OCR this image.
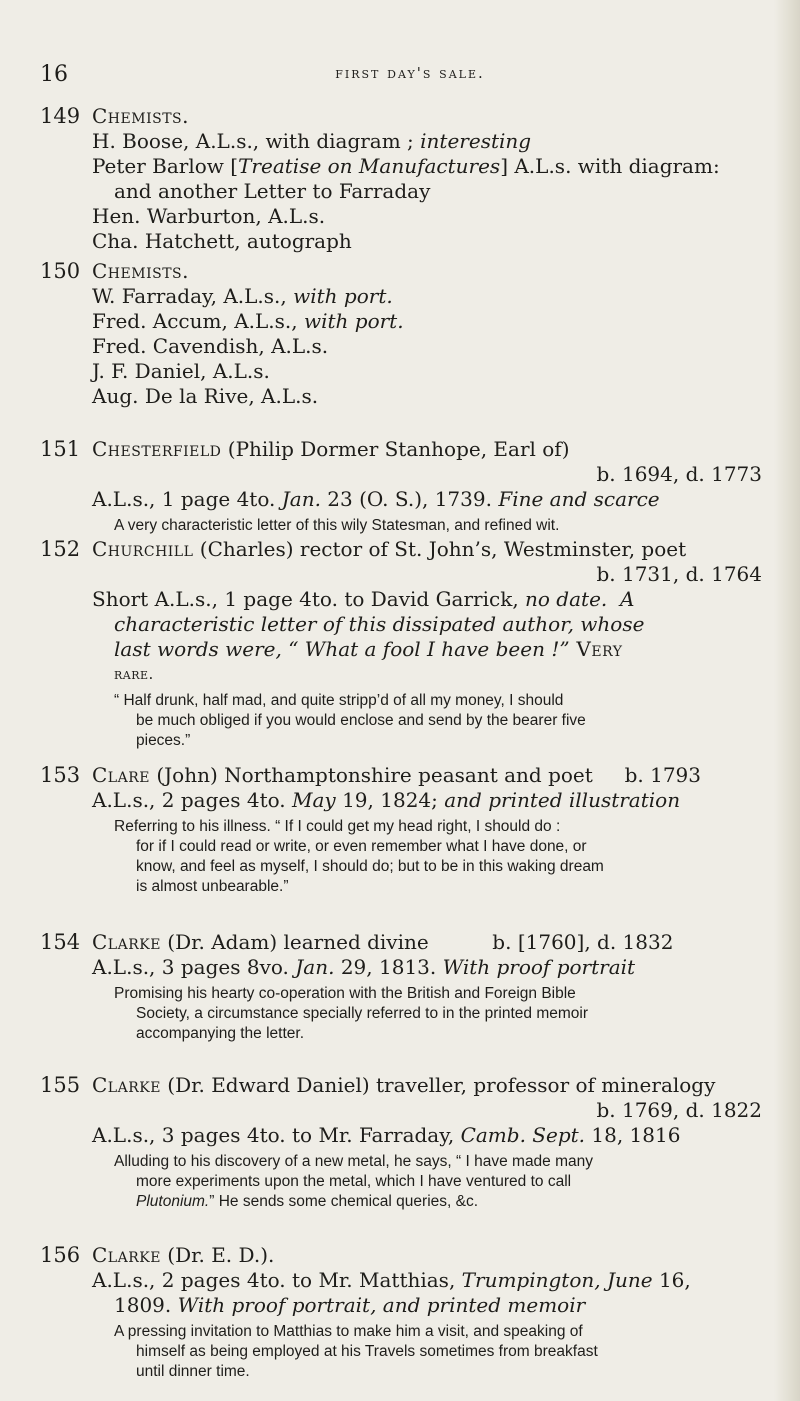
16	first day's sale.
149 Chemists.
H. Boose, A.L.s., with diagram ; interesting
Peter Barlow [Treatise on Manufactures] A.L.s. with diagram:
and another Letter to Farraday
Hen. Warburton, A.L.s.
Cha. Hatchett, autograph
150 Chemists.
W. Farraday, A.L.s., with port.
Fred. Accum, A.L.s., with port.
Fred. Cavendish, A.L.s.
J. F. Daniel, A.L.s.
Aug. De la Rive, A.L.s.
151 Chesterfield (Philip Dormer Stanhope, Earl of)
b. 1694, d. 1773
A.L.s., 1 page 4to. Jan. 23 (O. S.), 1739. Fine and scarce
A very characteristic letter of this wily Statesman, and refined wit.
152 Churchill (Charles) rector of St. John’s, Westminster, poet
b. 1731, d. 1764
Short A.L.s., 1 page 4to. to David Garrick, no date. A
characteristic letter of this dissipated author, whose
last words were, “ What a fool I have been !” Very
rare.
“ Half drunk, half mad, and quite stripp’d of all my money, I should
be much obliged if you would enclose and send by the bearer five
pieces.”
153 Clare (John) Northamptonshire peasant and poet b. 1793
A.L.s., 2 pages 4to. May 19, 1824; and printed illustration
Referring to his illness. “ If I could get my head right, I should do :
for if I could read or write, or even remember what I have done, or
know, and feel as myself, I should do; but to be in this waking dream
is almost unbearable.”
154 Clarke (Dr. Adam) learned divine	b. [1760], d. 1832
A.L.s., 3 pages 8vo. Jan. 29, 1813. With proof portrait
Promising his hearty co-operation with the British and Foreign Bible
Society, a circumstance specially referred to in the printed memoir
accompanying the letter.
155 Clarke (Dr. Edward Daniel) traveller, professor of mineralogy
b. 1769, d. 1822
A.L.s., 3 pages 4to. to Mr. Farraday, Camb. Sept. 18, 1816
Alluding to his discovery of a new metal, he says, “ I have made many
more experiments upon the metal, which I have ventured to call
Plutonium.” He sends some chemical queries, &c.
156 Clarke (Dr. E. D.).
A.L.s., 2 pages 4to. to Mr. Matthias, Trumpington, June 16,
1809. With proof portrait, and printed memoir
A pressing invitation to Matthias to make him a visit, and speaking of
himself as being employed at his Travels sometimes from breakfast
until dinner time.
